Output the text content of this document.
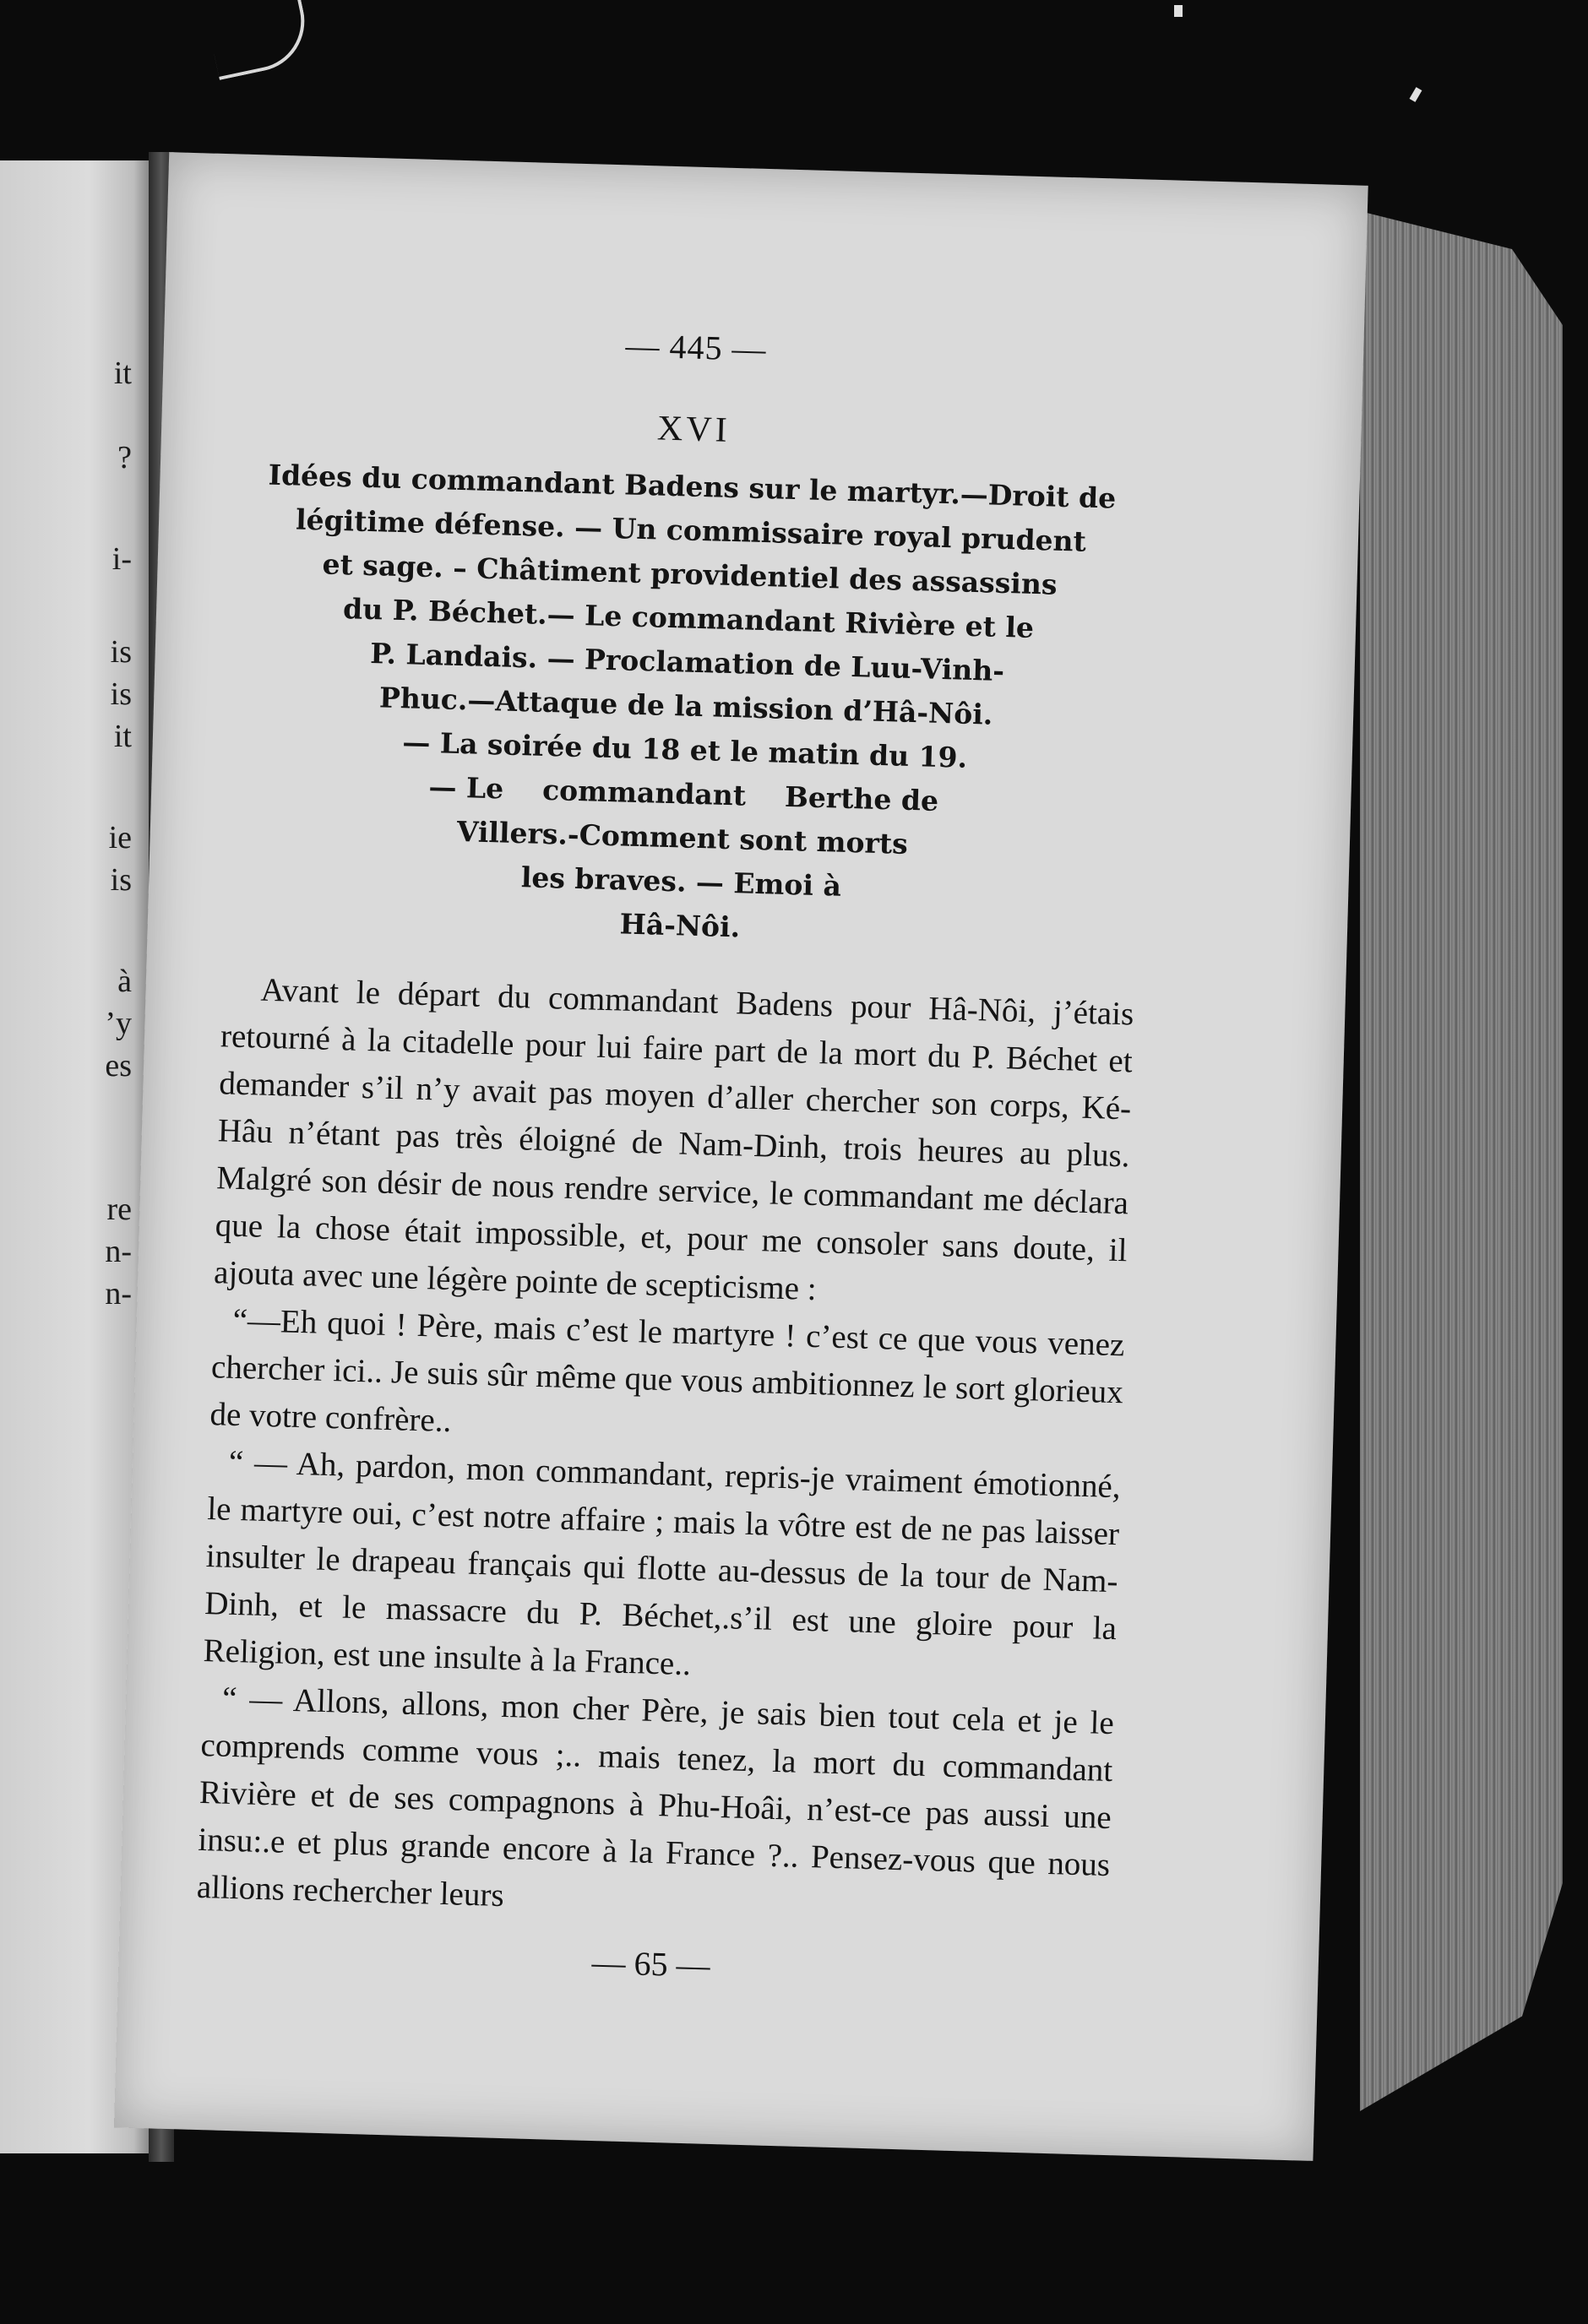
it
?
i-
is
is
it
ie
is
à
’y
es
re
n-
n-
— 445 —
XVI
Idées du commandant Badens sur le martyr.—Droit de
légitime défense. — Un commissaire royal prudent
et sage. – Châtiment providentiel des assassins
du P. Béchet.— Le commandant Rivière et le
P. Landais. — Proclamation de Luu-Vinh-
Phuc.—Attaque de la mission d’Hâ-Nôi.
— La soirée du 18 et le matin du 19.
— Le    commandant    Berthe de
Villers.-Comment sont morts
les braves. — Emoi à
Hâ-Nôi.

Avant le départ du commandant Badens pour Hâ-Nôi, j’étais retourné à la citadelle pour lui faire part de la mort du P. Béchet et demander s’il n’y avait pas moyen d’aller chercher son corps, Ké-Hâu n’étant pas très éloigné de Nam-Dinh, trois heures au plus. Malgré son désir de nous rendre service, le commandant me déclara que la chose était impossible, et, pour me consoler sans doute, il ajouta avec une légère pointe de scepticisme :

“—Eh quoi ! Père, mais c’est le martyre ! c’est ce que vous venez chercher ici.. Je suis sûr même que vous ambitionnez le sort glorieux de votre confrère..

“ — Ah, pardon, mon commandant, repris-je vraiment émotionné, le martyre oui, c’est notre affaire ; mais la vôtre est de ne pas laisser insulter le drapeau français qui flotte au-dessus de la tour de Nam-Dinh, et le massacre du P. Béchet,.s’il est une gloire pour la Religion, est une insulte à la France..

“ — Allons, allons, mon cher Père, je sais bien tout cela et je le comprends comme vous ;.. mais tenez, la mort du commandant Rivière et de ses compagnons à Phu-Hoâi, n’est-ce pas aussi une insu:.e et plus grande encore à la France ?.. Pensez-vous que nous allions rechercher leurs

— 65 —
